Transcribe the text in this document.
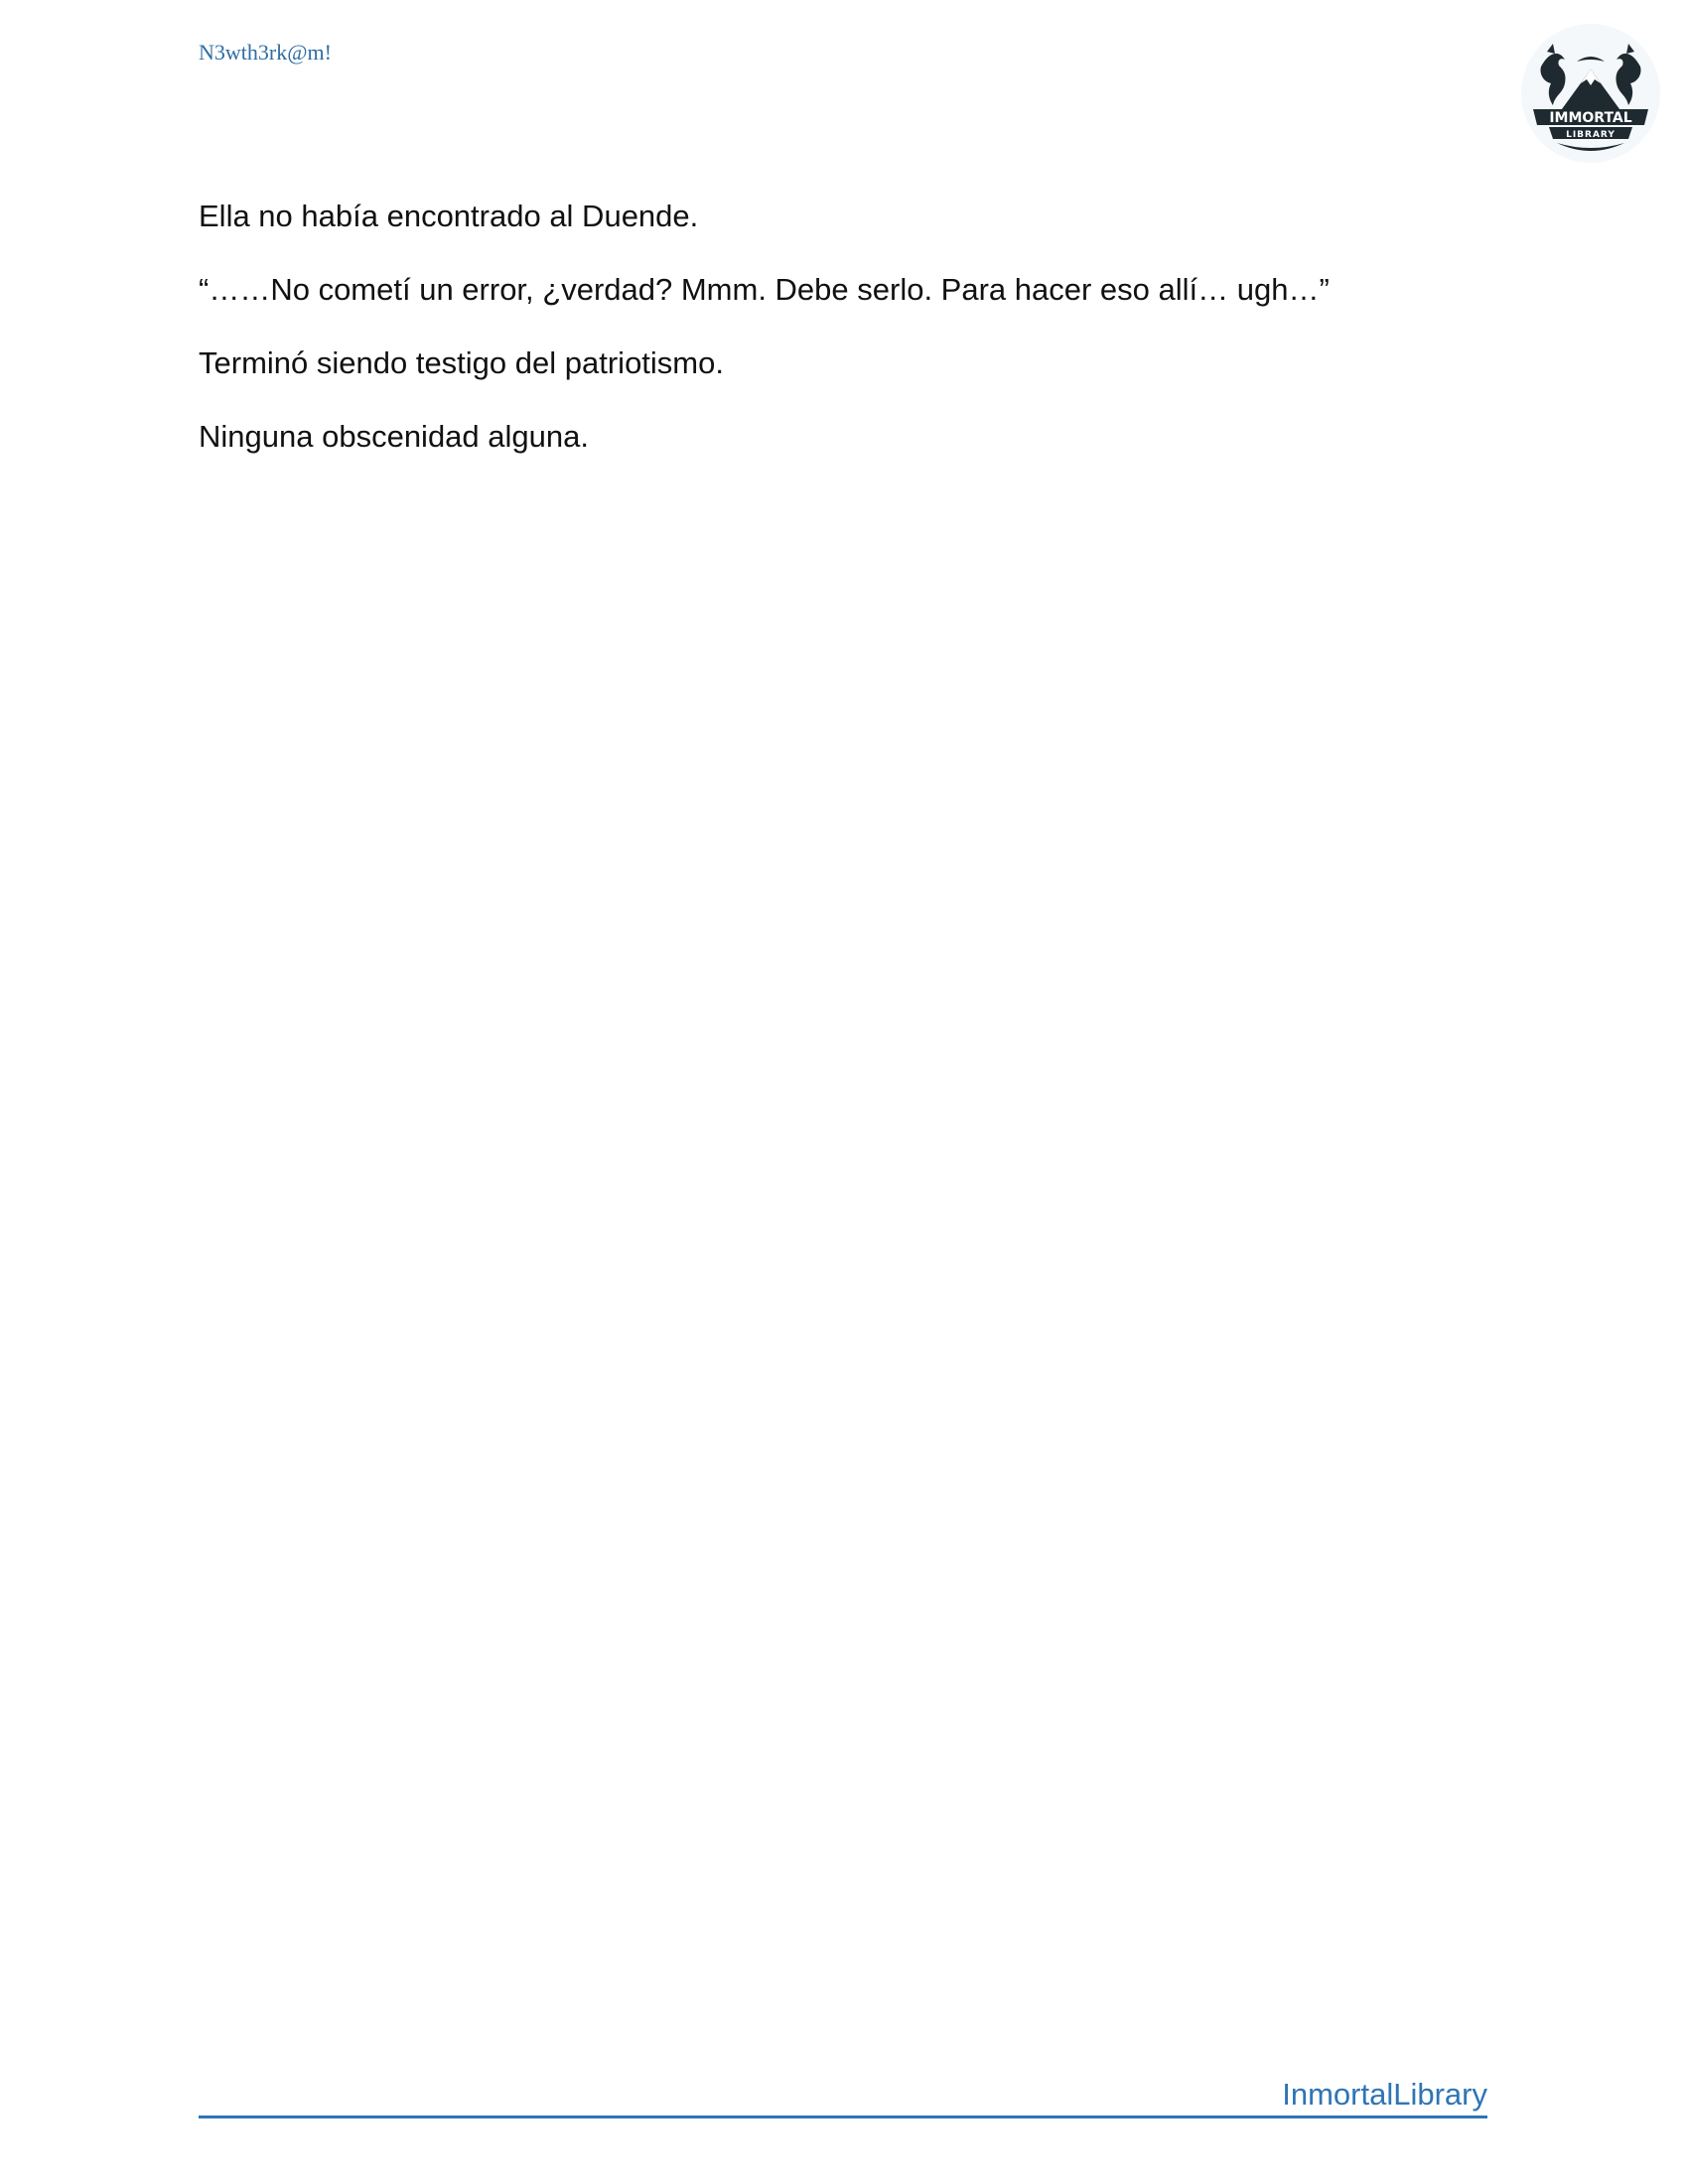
N3wth3rk@m!
IMMORTAL
LIBRARY

Ella no había encontrado al Duende.

“……No cometí un error, ¿verdad? Mmm. Debe serlo. Para hacer eso allí… ugh…”

Terminó siendo testigo del patriotismo.

Ninguna obscenidad alguna.

InmortalLibrary
